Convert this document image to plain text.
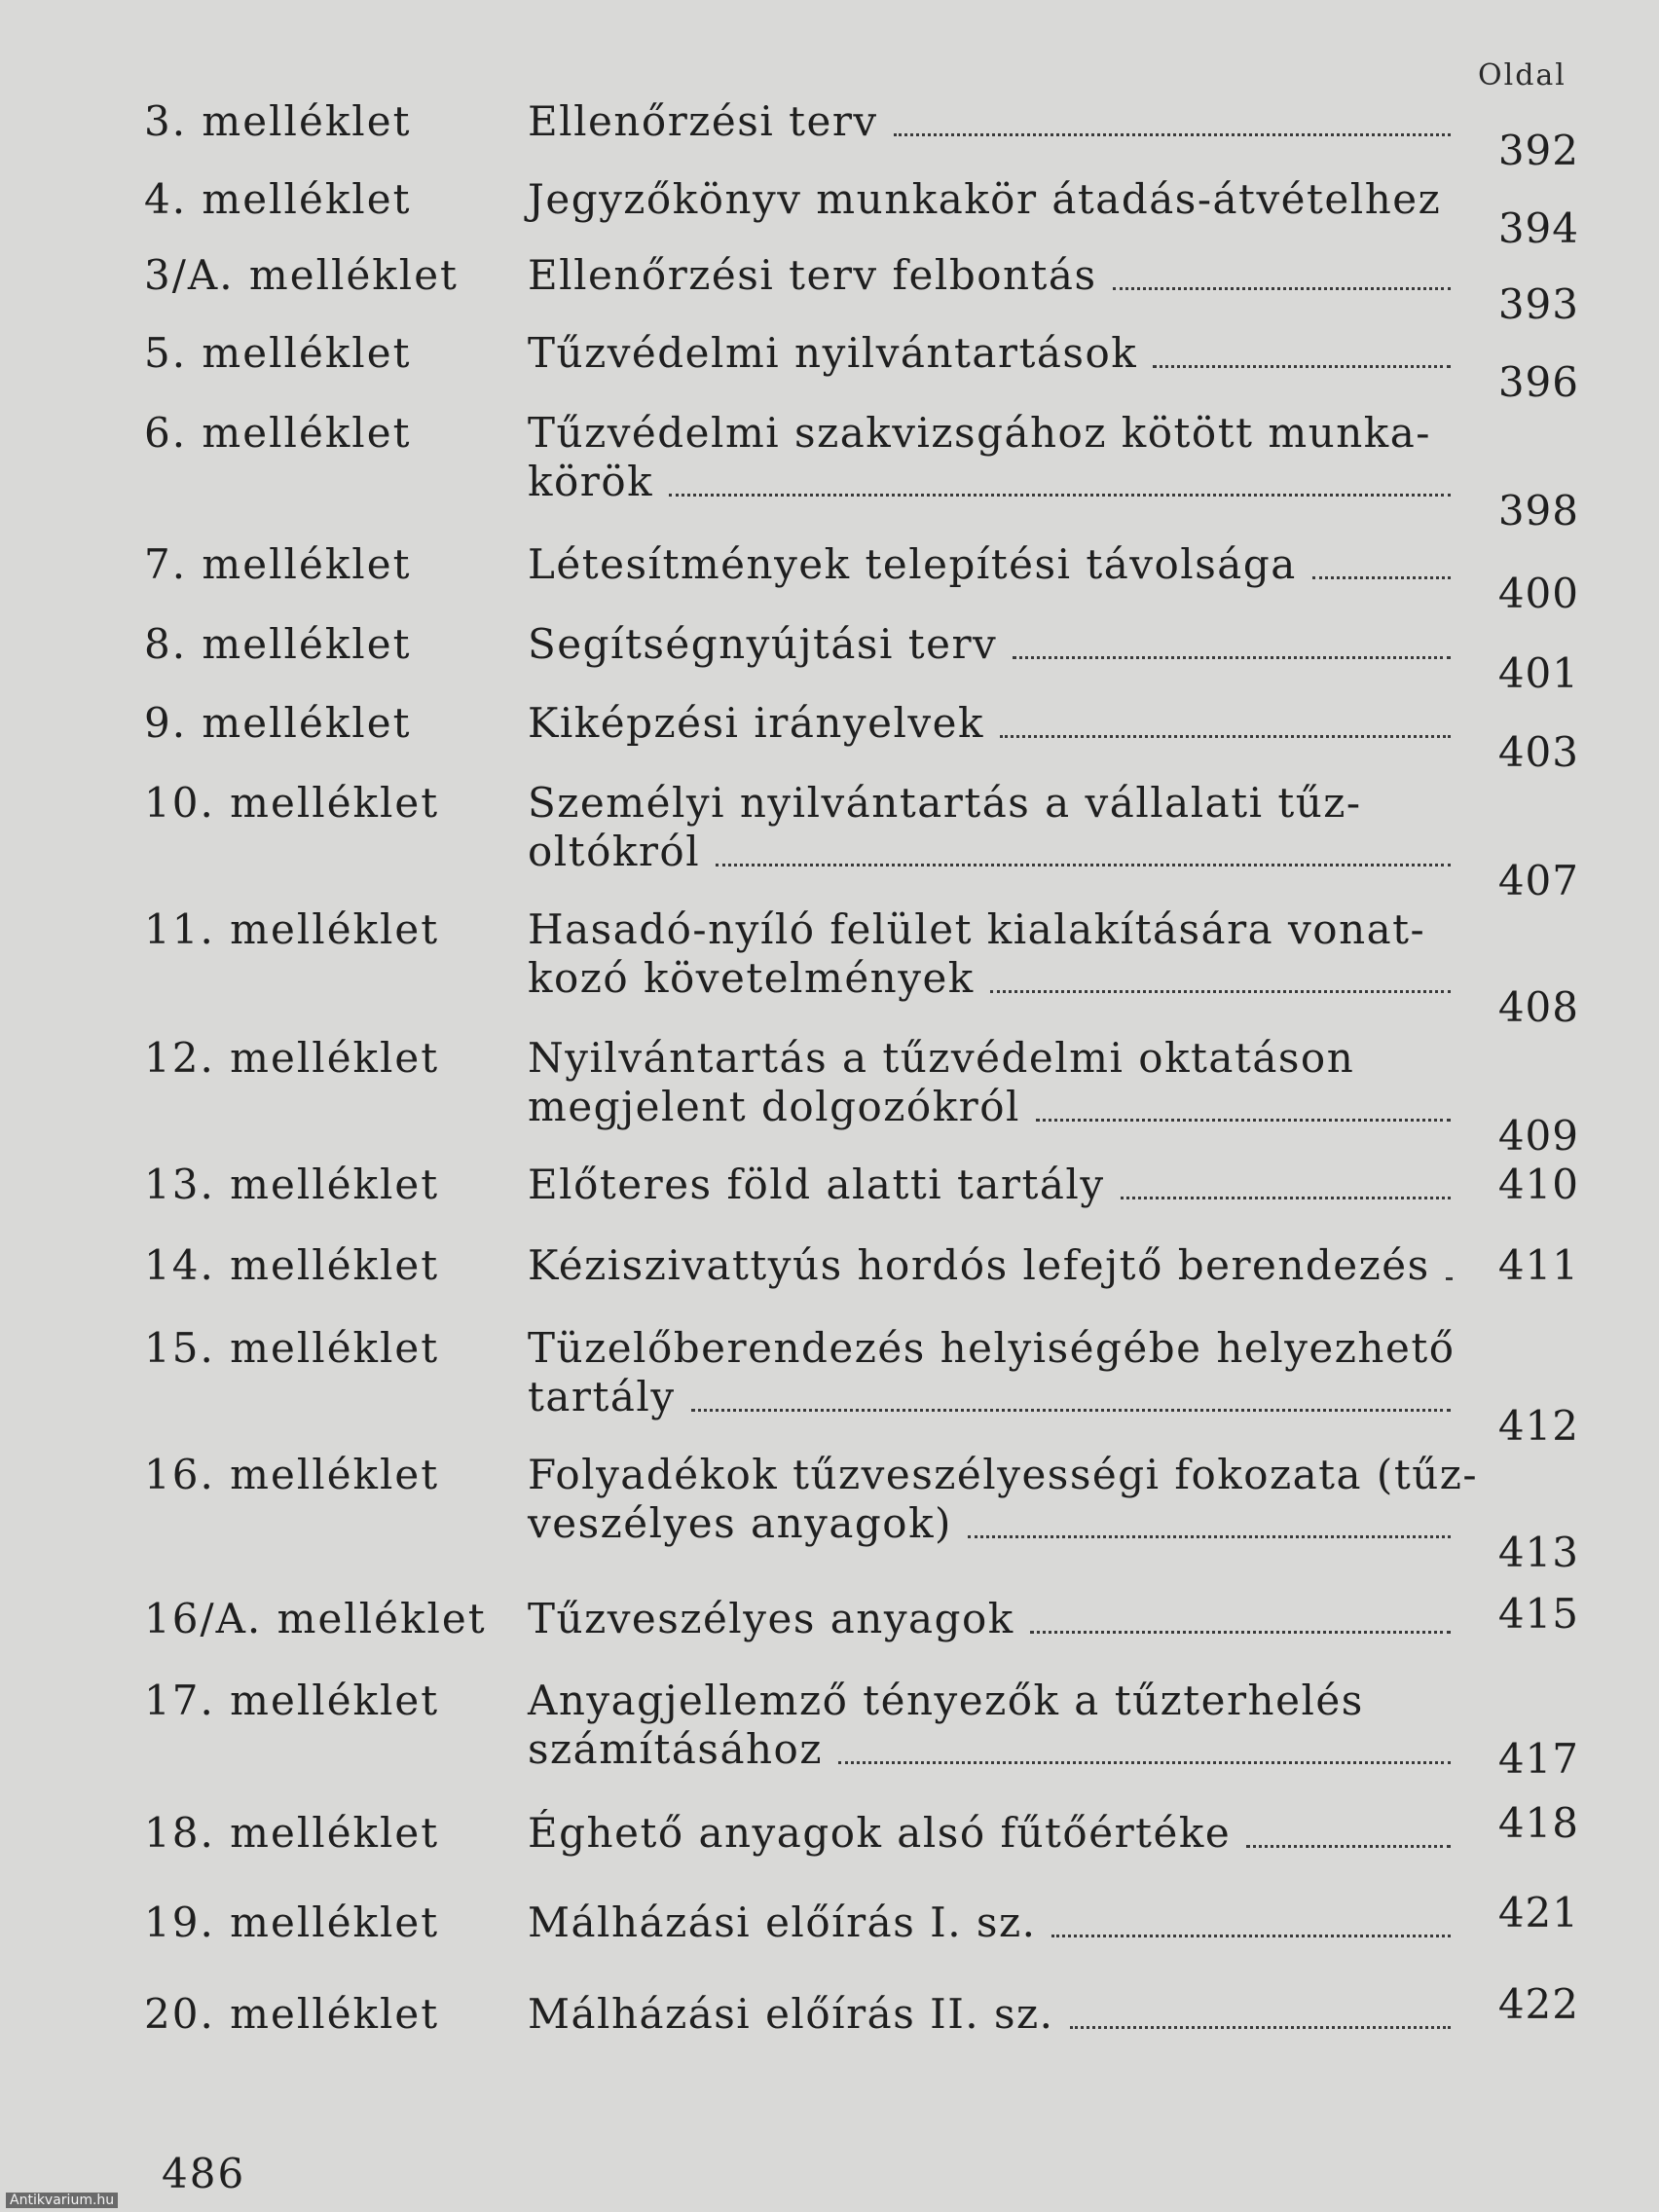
Oldal
3. melléklet	Ellenőrzési terv
392
4. melléklet	Jegyzőkönyv munkakör átadás-átvételhez
394
3/A. melléklet	Ellenőrzési terv felbontás
393
5. melléklet	Tűzvédelmi nyilvántartások
396
6. melléklet	Tűzvédelmi szakvizsgához kötött munka-
körök
398
7. melléklet	Létesítmények telepítési távolsága
400
8. melléklet	Segítségnyújtási terv
401
9. melléklet	Kiképzési irányelvek
403
10. melléklet	Személyi nyilvántartás a vállalati tűz-
oltókról
407
11. melléklet	Hasadó-nyíló felület kialakítására vonat-
kozó követelmények
408
12. melléklet	Nyilvántartás a tűzvédelmi oktatáson
megjelent dolgozókról
409
13. melléklet	Előteres föld alatti tartály	410
14. melléklet	Kéziszivattyús hordós lefejtő berendezés 411
15. melléklet	Tüzelőberendezés helyiségébe helyezhető
tartály
412
16. melléklet	Folyadékok tűzveszélyességi fokozata (tűz-
veszélyes anyagok)
413
16/A. melléklet	Tűzveszélyes anyagok	415
17. melléklet	Anyagjellemző tényezők a tűzterhelés
számításához	417
18. melléklet	Éghető anyagok alsó fűtőértéke	418
19. melléklet	Málházási előírás I. sz.	421
20. melléklet	Málházási előírás II. sz.	422
486
Antikvarium.hu
